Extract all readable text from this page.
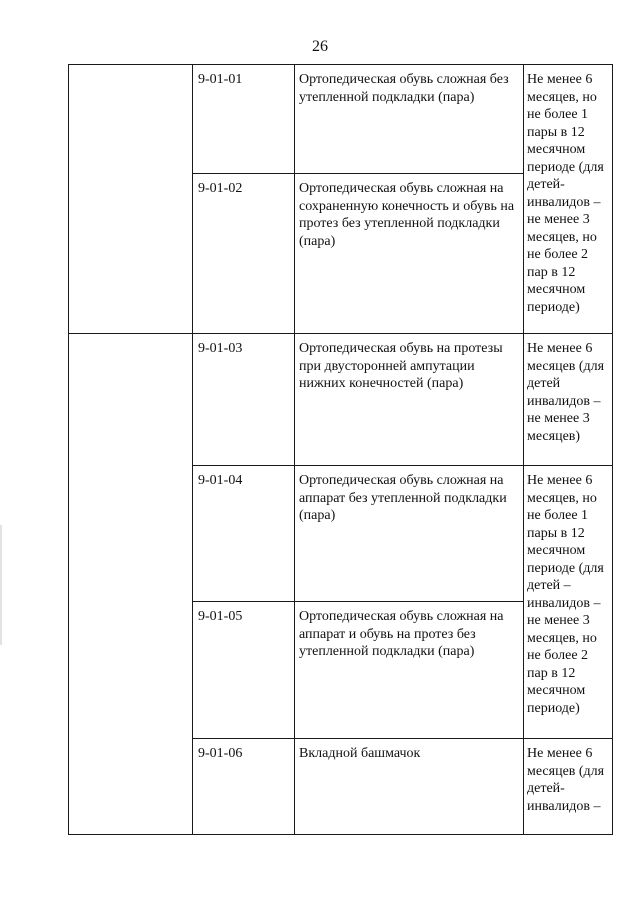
26
	9-01-01	Ортопедическая обувь сложная без утепленной подкладки (пара)	Не менее 6 месяцев, но не более 1 пары в 12 месячном периоде (для детей-инвалидов – не менее 3 месяцев, но не более 2 пар в 12 месячном периоде)
	9-01-02	Ортопедическая обувь сложная на сохраненную конечность и обувь на протез без утепленной подкладки (пара)	
	9-01-03	Ортопедическая обувь на протезы при двусторонней ампутации нижних конечностей (пара)	Не менее 6 месяцев (для детей инвалидов – не менее 3 месяцев)
	9-01-04	Ортопедическая обувь сложная на аппарат без утепленной подкладки (пара)	Не менее 6 месяцев, но не более 1 пары в 12 месячном периоде (для детей – инвалидов – не менее 3 месяцев, но не более 2 пар в 12 месячном периоде)
	9-01-05	Ортопедическая обувь сложная на аппарат и обувь на протез без утепленной подкладки (пара)	
	9-01-06	Вкладной башмачок	Не менее 6 месяцев (для детей-инвалидов –
